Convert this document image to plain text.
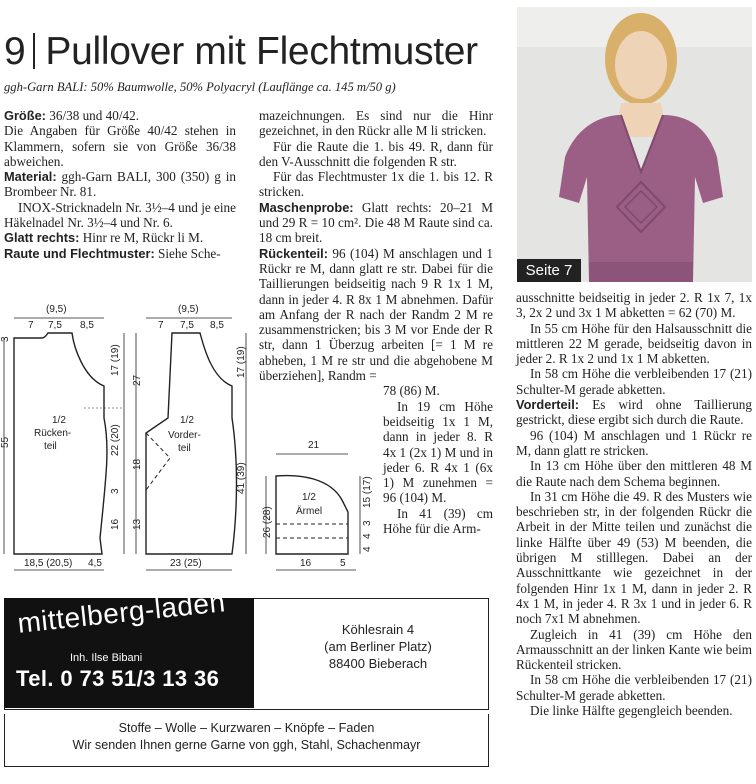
9 Pullover mit Flechtmuster
ggh-Garn BALI: 50% Baumwolle, 50% Polyacryl (Lauflänge ca. 145 m/50 g)

Größe: 36/38 und 40/42.

Die Angaben für Größe 40/42 stehen in Klammern, sofern sie von Größe 36/38 abweichen.

Material: ggh-Garn BALI, 300 (350) g in Brombeer Nr. 81.

INOX-Stricknadeln Nr. 3½–4 und je eine Häkelnadel Nr. 3½–4 und Nr. 6.

Glatt rechts: Hinr re M, Rückr li M.

Raute und Flechtmuster: Siehe Sche-

mazeichnungen. Es sind nur die Hinr gezeichnet, in den Rückr alle M li stricken.

Für die Raute die 1. bis 49. R, dann für den V-Ausschnitt die folgenden R str.

Für das Flechtmuster 1x die 1. bis 12. R stricken.

Maschenprobe: Glatt rechts: 20–21 M und 29 R = 10 cm². Die 48 M Raute sind ca. 18 cm breit.

Rückenteil: 96 (104) M anschlagen und 1 Rückr re M, dann glatt re str. Dabei für die Taillierungen beidseitig nach 9 R 1x 1 M, dann in jeder 4. R 8x 1 M abnehmen. Dafür am Anfang der R nach der Randm 2 M re zusammenstricken; bis 3 M vor Ende der R str, dann 1 Überzug arbeiten [= 1 M re abheben, 1 M re str und die abgehobene M überziehen], Randm =

78 (86) M.

In 19 cm Höhe beidseitig 1x 1 M, dann in jeder 8. R 4x 1 (2x 1) M und in jeder 6. R 4x 1 (6x 1) M zunehmen = 96 (104) M.

In 41 (39) cm Höhe für die Arm-

Seite 7

ausschnitte beidseitig in jeder 2. R 1x 7, 1x 3, 2x 2 und 3x 1 M abketten = 62 (70) M.

In 55 cm Höhe für den Halsausschnitt die mittleren 22 M gerade, beidseitig davon in jeder 2. R 1x 2 und 1x 1 M abketten.

In 58 cm Höhe die verbleibenden 17 (21) Schulter-M gerade abketten.

Vorderteil: Es wird ohne Taillierung gestrickt, diese ergibt sich durch die Raute.

96 (104) M anschlagen und 1 Rückr re M, dann glatt re stricken.

In 13 cm Höhe über den mittleren 48 M die Raute nach dem Schema beginnen.

In 31 cm Höhe die 49. R des Musters wie beschrieben str, in der folgenden Rückr die Arbeit in der Mitte teilen und zunächst die linke Hälfte über 49 (53) M beenden, die übrigen M stilllegen. Dabei an der Ausschnittkante wie gezeichnet in der folgenden Hinr 1x 1 M, dann in jeder 2. R 4x 1 M, in jeder 4. R 3x 1 und in jeder 6. R noch 7x1 M abnehmen.

Zugleich in 41 (39) cm Höhe den Armausschnitt an der linken Kante wie beim Rückenteil stricken.

In 58 cm Höhe die verbleibenden 17 (21) Schulter-M gerade abketten.

Die linke Hälfte gegengleich beenden.

(9,5)
7 7,5 8,5
1/2
Rücken-
teil
55
3
17 (19)
22 (20)
3
16
18,5 (20,5) 4,5
(9,5)
7 7,5 8,5
1/2
Vorder-
teil
27
18
13
17 (19)
41 (39)
23 (25)
21
1/2
Ärmel
26 (28)
15 (17)
3
4
4
16	5
mittelberg-laden
Inh. Ilse Bibani
Tel. 0 73 51/3 13 36
Köhlesrain 4
(am Berliner Platz)
88400 Bieberach
Stoffe – Wolle – Kurzwaren – Knöpfe – Faden
Wir senden Ihnen gerne Garne von ggh, Stahl, Schachenmayr
